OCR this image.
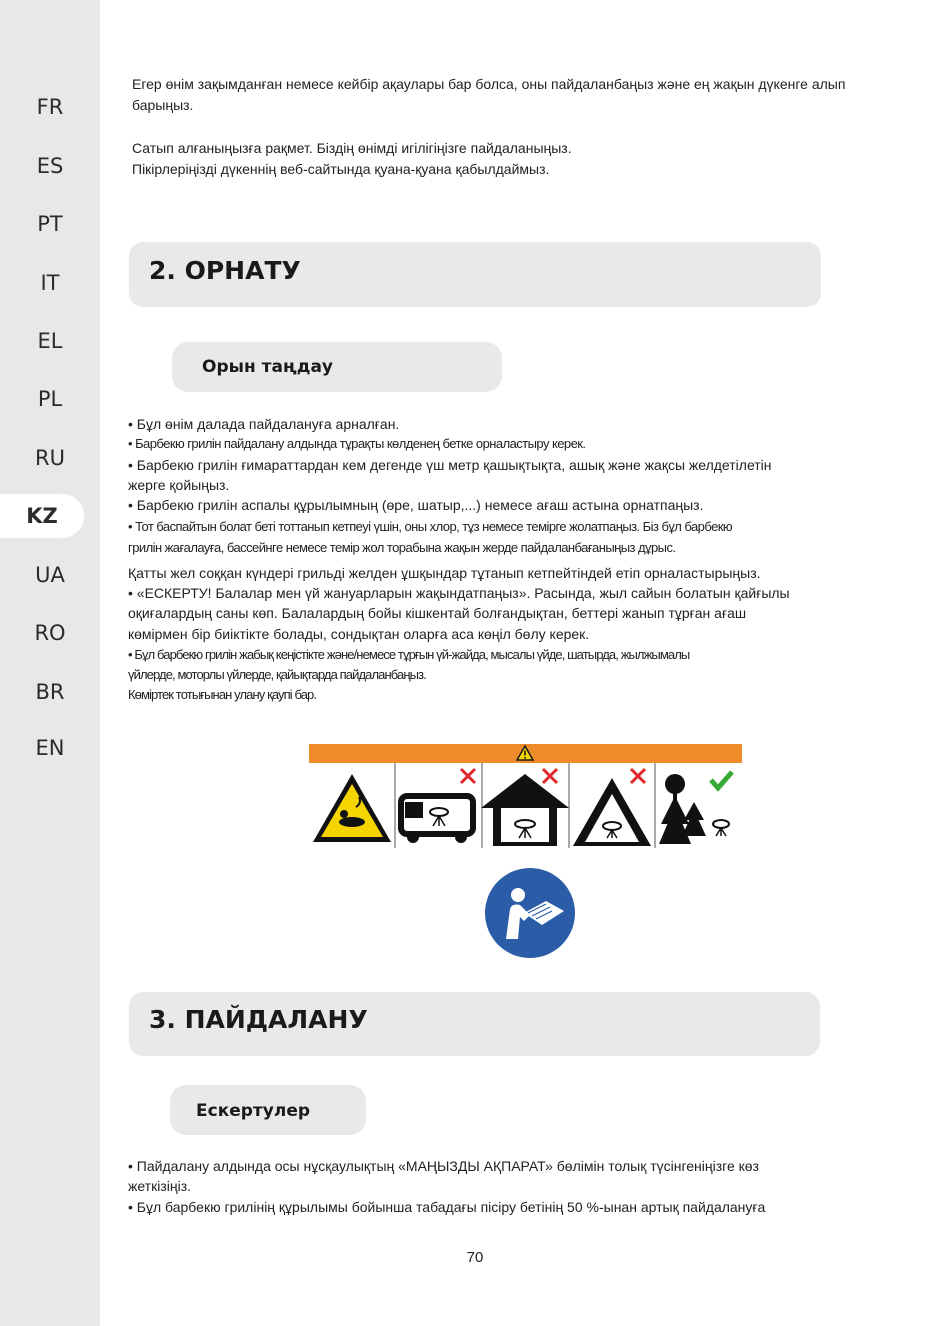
FR
ES
PT
IT
EL
PL
RU
KZ
UA
RO
BR
EN

Егер өнім зақымданған немесе кейбір ақаулары бар болса, оны пайдаланбаңыз және ең жақын дүкенге алып барыңыз.

Сатып алғаныңызға рақмет. Біздің өнімді игілігіңізге пайдаланыңыз.
Пікірлеріңізді дүкеннің веб-сайтында қуана-қуана қабылдаймыз.
2. ОРНАТУ
Орын таңдау
• Бұл өнім далада пайдалануға арналған.
• Барбекю грилін пайдалану алдында тұрақты көлденең бетке орналастыру керек.
• Барбекю грилін ғимараттардан кем дегенде үш метр қашықтықта, ашық және жақсы желдетілетін
жерге қойыңыз.
• Барбекю грилін аспалы құрылымның (өре, шатыр,...) немесе ағаш астына орнатпаңыз.
• Тот баспайтын болат беті тоттанып кетпеуі үшін, оны хлор, тұз немесе темірге жолатпаңыз. Біз бұл барбекю
грилін жағалауға, бассейнге немесе темір жол торабына жақын жерде пайдаланбағаныңыз дұрыс.
Қатты жел соққан күндері грильді желден ұшқындар тұтанып кетпейтіндей етіп орналастырыңыз.
• «ЕСКЕРТУ! Балалар мен үй жануарларын жақындатпаңыз». Расында, жыл сайын болатын қайғылы
оқиғалардың саны көп. Балалардың бойы кішкентай болғандықтан, беттері жанып тұрған ағаш
көмірмен бір биіктікте болады, сондықтан оларға аса көңіл бөлу керек.
• Бұл барбекю грилін жабық кеңістікте және/немесе тұрғын үй-жайда, мысалы үйде, шатырда, жылжымалы
үйлерде, моторлы үйлерде, қайықтарда пайдаланбаңыз.
Көміртек тотығынан улану қаупі бар.
3. ПАЙДАЛАНУ
Ескертулер
• Пайдалану алдында осы нұсқаулықтың «МАҢЫЗДЫ АҚПАРАТ» бөлімін толық түсінгеніңізге көз
жеткізіңіз.
• Бұл барбекю грилінің құрылымы бойынша табадағы пісіру бетінің 50 %-ынан артық пайдалануға
70
